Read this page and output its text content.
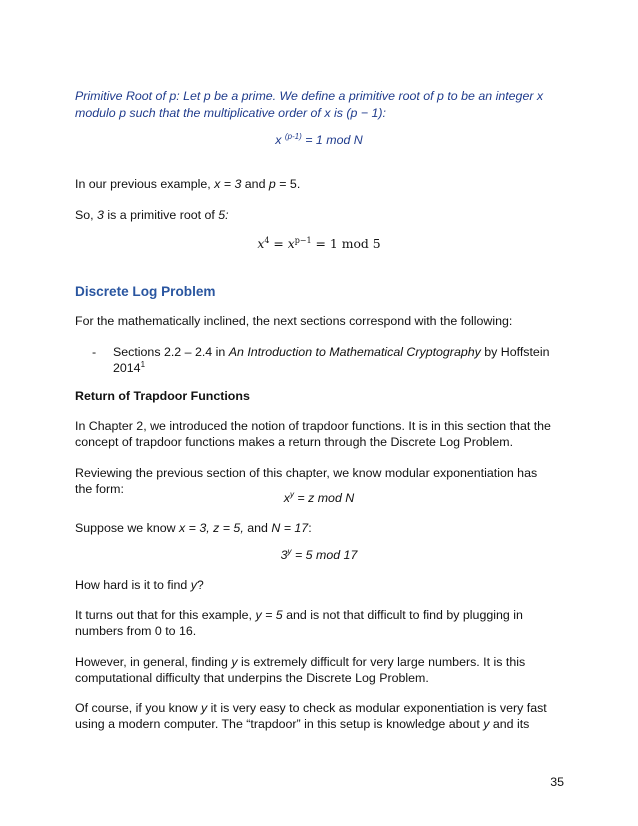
Primitive Root of p: Let p be a prime. We define a primitive root of p to be an integer x
modulo p such that the multiplicative order of x is (p − 1):
x $^{(p-1)}$ = 1 mod N
In our previous example, x = 3 and p = 5.
So, 3 is a primitive root of 5:
$x^4 = x^{p-1} = 1$ mod 5
Discrete Log Problem
For the mathematically inclined, the next sections correspond with the following:
- Sections 2.2 – 2.4 in An Introduction to Mathematical Cryptography by Hoffstein
2014$^1$
Return of Trapdoor Functions
In Chapter 2, we introduced the notion of trapdoor functions. It is in this section that the
concept of trapdoor functions makes a return through the Discrete Log Problem.
Reviewing the previous section of this chapter, we know modular exponentiation has
the form:
$x^y = z$ mod N
Suppose we know x = 3, z = 5, and N = 17:
$3^y = 5$ mod 17
How hard is it to find y?
It turns out that for this example, y = 5 and is not that difficult to find by plugging in
numbers from 0 to 16.
However, in general, finding y is extremely difficult for very large numbers. It is this
computational difficulty that underpins the Discrete Log Problem.
Of course, if you know y it is very easy to check as modular exponentiation is very fast
using a modern computer. The “trapdoor” in this setup is knowledge about y and its
35
